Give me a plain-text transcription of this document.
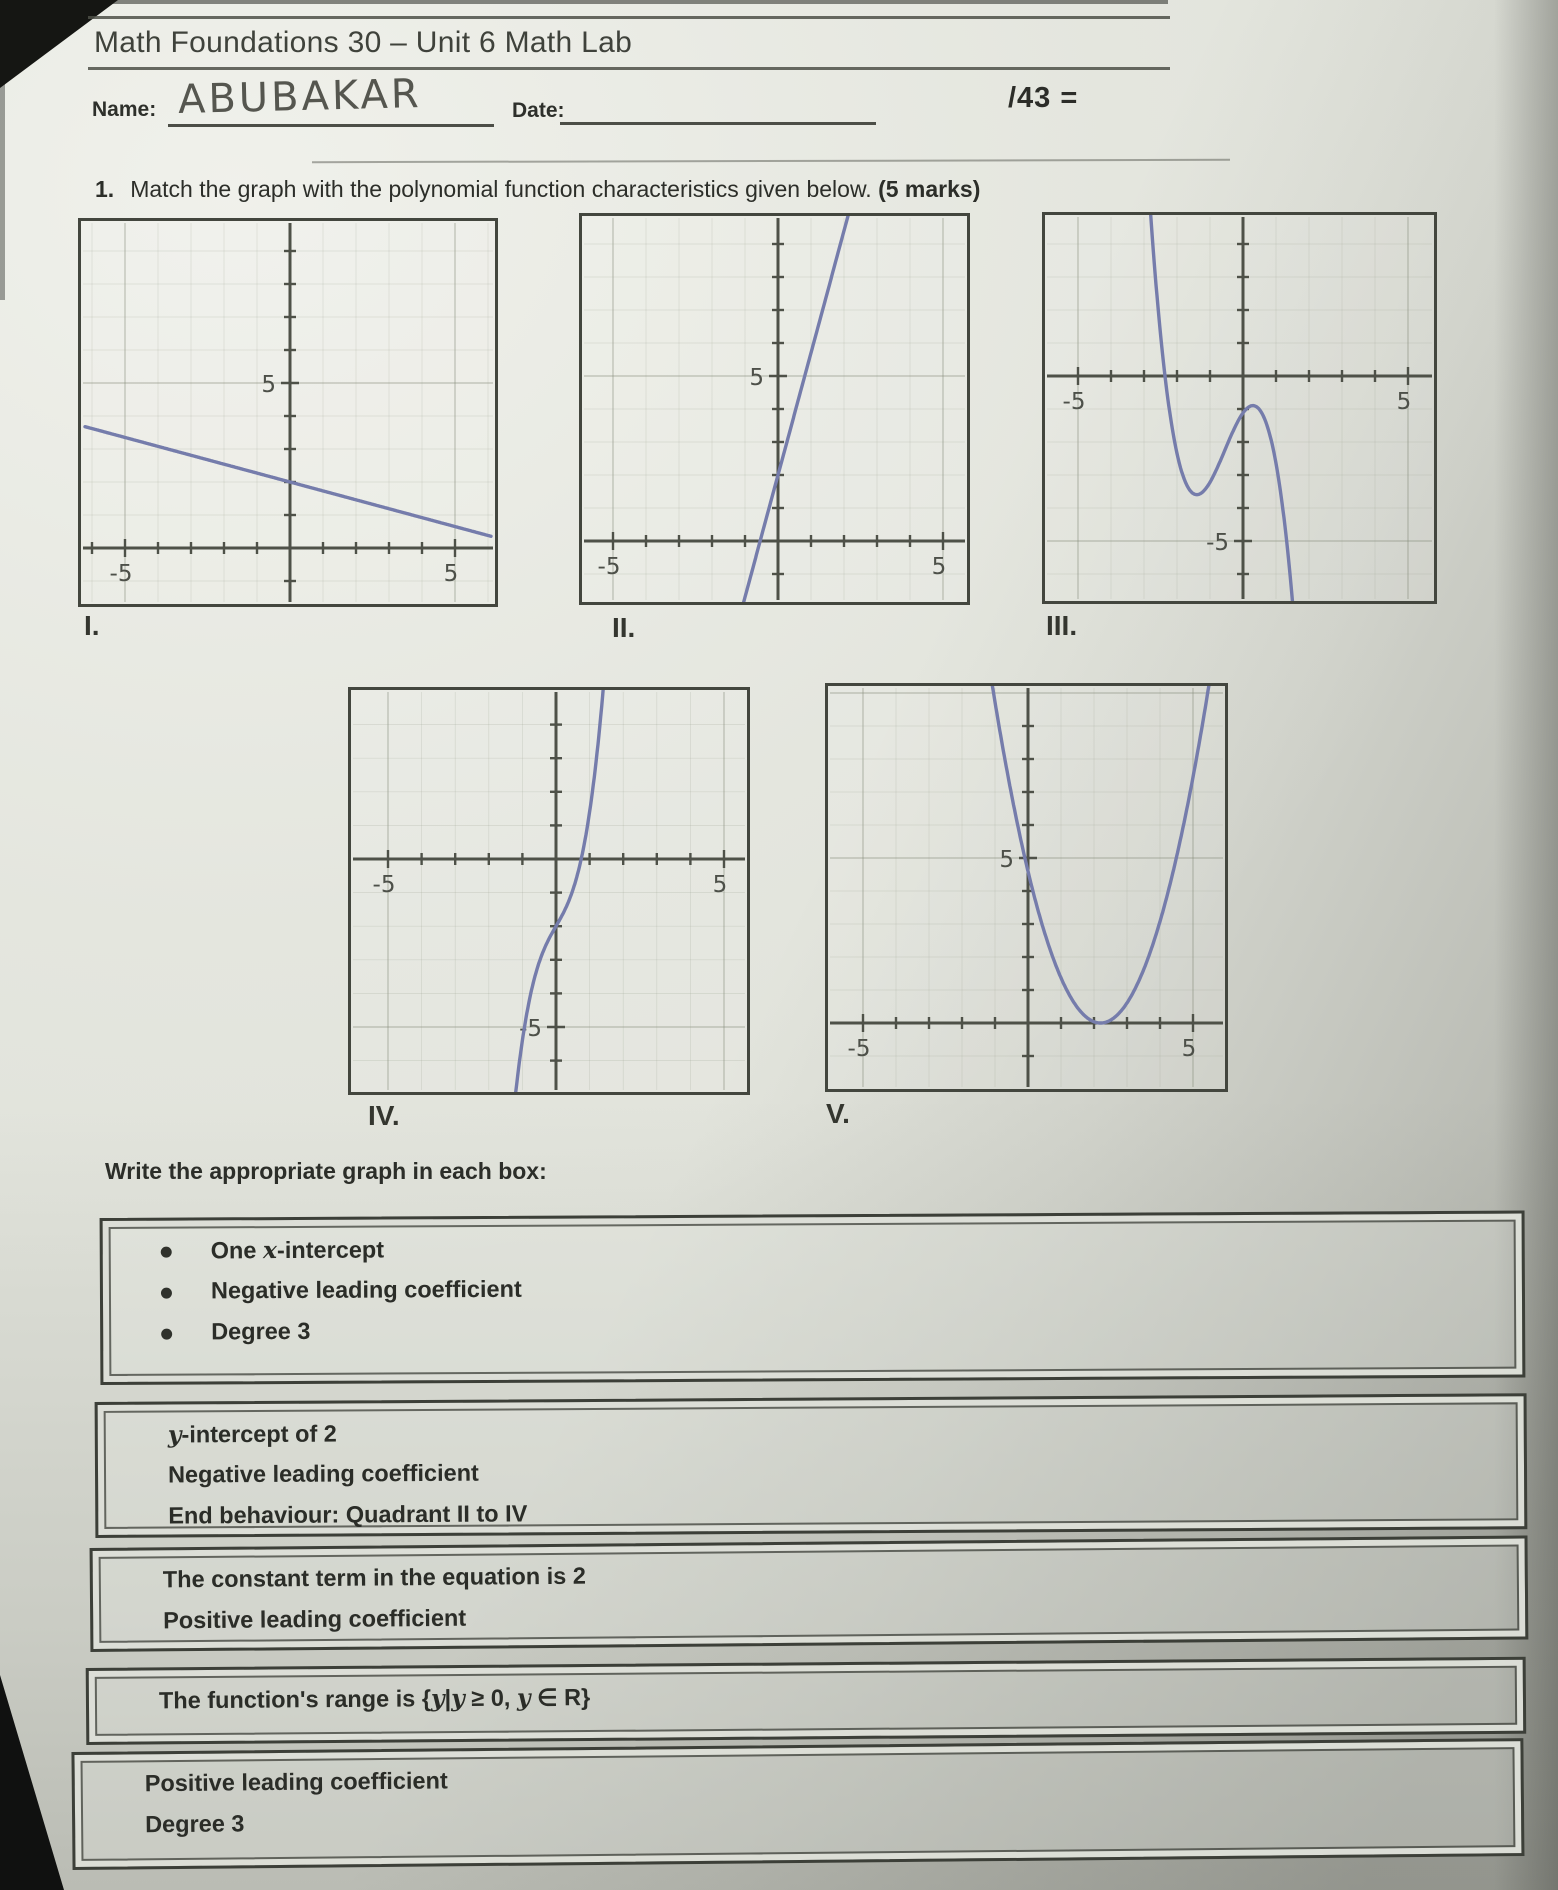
Math Foundations 30 – Unit 6 Math Lab
Name: ABUBAKAR	Date:	/43 =
1. Match the graph with the polynomial function characteristics given below. (5 marks)
Write the appropriate graph in each box:
-5	5
5
I.
-5	5
5
II.
-5	5
-5
III.
-5	5
-5
IV.
-5	5
5
V.
One x-intercept
Negative leading coefficient
Degree 3
y-intercept of 2
Negative leading coefficient
End behaviour: Quadrant II to IV
The constant term in the equation is 2
Positive leading coefficient
The function's range is {y|y ≥ 0, y ∈ R}
Positive leading coefficient
Degree 3
